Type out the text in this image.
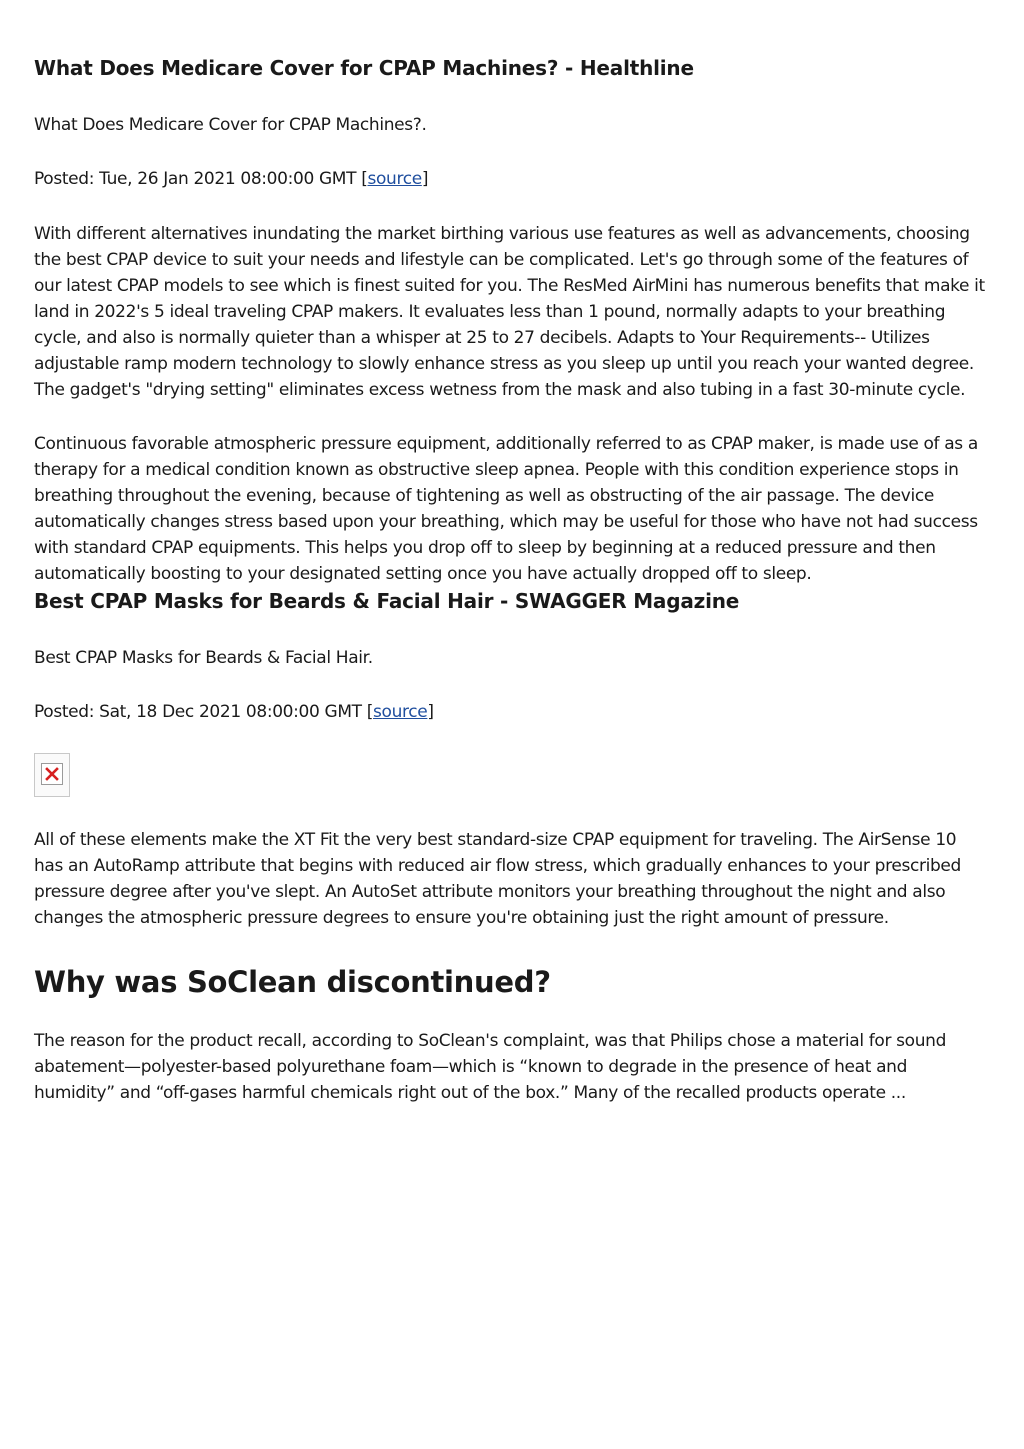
What Does Medicare Cover for CPAP Machines? - Healthline

What Does Medicare Cover for CPAP Machines?.

Posted: Tue, 26 Jan 2021 08:00:00 GMT [source]

With different alternatives inundating the market birthing various use features as well as advancements, choosing the best CPAP device to suit your needs and lifestyle can be complicated. Let's go through some of the features of our latest CPAP models to see which is finest suited for you. The ResMed AirMini has numerous benefits that make it land in 2022's 5 ideal traveling CPAP makers. It evaluates less than 1 pound, normally adapts to your breathing cycle, and also is normally quieter than a whisper at 25 to 27 decibels. Adapts to Your Requirements-- Utilizes adjustable ramp modern technology to slowly enhance stress as you sleep up until you reach your wanted degree. The gadget's "drying setting" eliminates excess wetness from the mask and also tubing in a fast 30-minute cycle.

Continuous favorable atmospheric pressure equipment, additionally referred to as CPAP maker, is made use of as a therapy for a medical condition known as obstructive sleep apnea. People with this condition experience stops in breathing throughout the evening, because of tightening as well as obstructing of the air passage. The device automatically changes stress based upon your breathing, which may be useful for those who have not had success with standard CPAP equipments. This helps you drop off to sleep by beginning at a reduced pressure and then automatically boosting to your designated setting once you have actually dropped off to sleep.

Best CPAP Masks for Beards & Facial Hair - SWAGGER Magazine

Best CPAP Masks for Beards & Facial Hair.

Posted: Sat, 18 Dec 2021 08:00:00 GMT [source]

All of these elements make the XT Fit the very best standard-size CPAP equipment for traveling. The AirSense 10 has an AutoRamp attribute that begins with reduced air flow stress, which gradually enhances to your prescribed pressure degree after you've slept. An AutoSet attribute monitors your breathing throughout the night and also changes the atmospheric pressure degrees to ensure you're obtaining just the right amount of pressure.

Why was SoClean discontinued?

The reason for the product recall, according to SoClean's complaint, was that Philips chose a material for sound abatement—polyester-based polyurethane foam—which is “known to degrade in the presence of heat and humidity” and “off-gases harmful chemicals right out of the box.” Many of the recalled products operate ...
